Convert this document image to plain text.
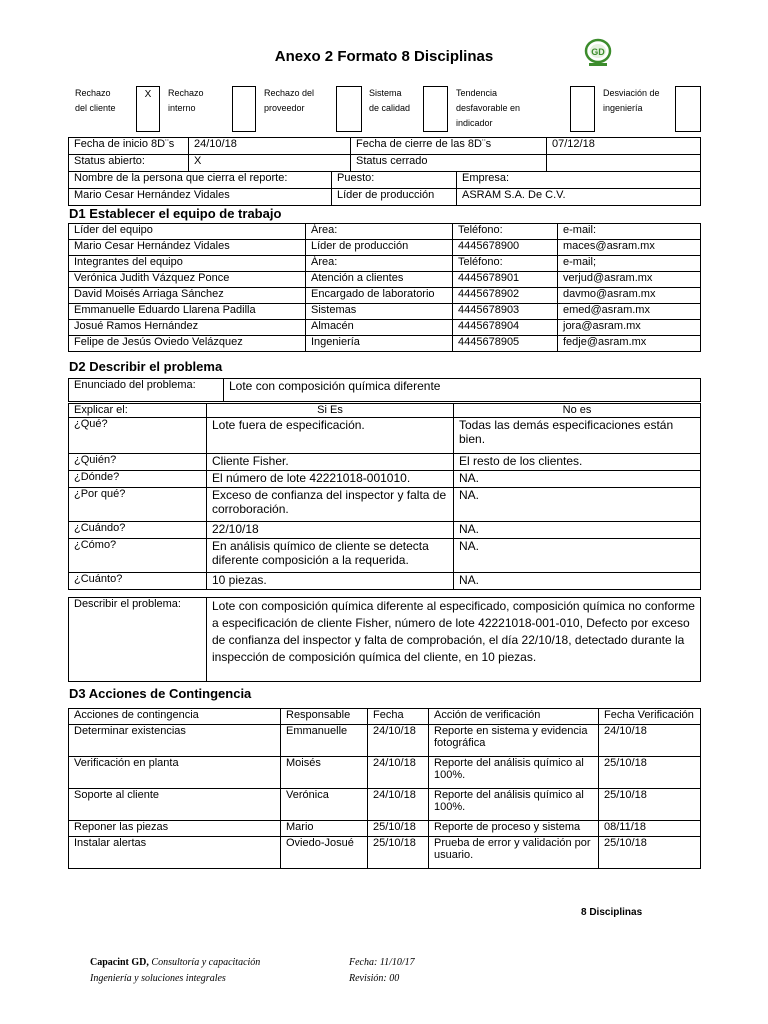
Anexo 2 Formato 8 Disciplinas	GD
Rechazo
del cliente
X	Rechazo
interno
Rechazo del
proveedor
Sistema
de calidad
Tendencia
desfavorable en
indicador
Desviación de
ingeniería
Fecha de inicio 8D¨s	24/10/18	Fecha de cierre de las 8D¨s	07/12/18
Status abierto:	X	Status cerrado	
Nombre de la persona que cierra el reporte:	Puesto:	Empresa:
Mario Cesar Hernández Vidales	Líder de producción	ASRAM S.A. De C.V.
D1 Establecer el equipo de trabajo
Líder del equipo	Área:	Teléfono:	e-mail:
Mario Cesar Hernández Vidales	Líder de producción	4445678900	maces@asram.mx
Integrantes del equipo	Área:	Teléfono:	e-mail;
Verónica Judith Vázquez Ponce	Atención a clientes	4445678901	verjud@asram.mx
David Moisés Arriaga Sánchez	Encargado de laboratorio	4445678902	davmo@asram.mx
Emmanuelle Eduardo Llarena Padilla	Sistemas	4445678903	emed@asram.mx
Josué Ramos Hernández	Almacén	4445678904	jora@asram.mx
Felipe de Jesús Oviedo Velázquez	Ingeniería	4445678905	fedje@asram.mx
D2 Describir el problema
Enunciado del problema:	Lote con composición química diferente
Explicar el:	Si Es	No es
¿Qué?	Lote fuera de especificación.	Todas las demás especificaciones están bien.
¿Quién?	Cliente Fisher.	El resto de los clientes.
¿Dónde?	El número de lote 42221018-001010.	NA.
¿Por qué?	Exceso de confianza del inspector y falta de corroboración.	NA.
¿Cuándo?	22/10/18	NA.
¿Cómo?	En análisis químico de cliente se detecta diferente composición a la requerida.	NA.
¿Cuánto?	10 piezas.	NA.
Describir el problema:	Lote con composición química diferente al especificado, composición química no conforme a especificación de cliente Fisher, número de lote 42221018-001-010, Defecto por exceso de confianza del inspector y falta de comprobación, el día 22/10/18, detectado durante la inspección de composición química del cliente, en 10 piezas.
D3 Acciones de Contingencia
Acciones de contingencia	Responsable	Fecha	Acción de verificación	Fecha Verificación
Determinar existencias	Emmanuelle	24/10/18	Reporte en sistema y evidencia fotográfica	24/10/18
Verificación en planta	Moisés	24/10/18	Reporte del análisis químico al 100%.	25/10/18
Soporte al cliente	Verónica	24/10/18	Reporte del análisis químico al 100%.	25/10/18
Reponer las piezas	Mario	25/10/18	Reporte de proceso y sistema	08/11/18
Instalar alertas	Oviedo-Josué	25/10/18	Prueba de error y validación por usuario.	25/10/18
8 Disciplinas
Capacint GD, Consultoría y capacitación
Ingeniería y soluciones integrales
Fecha: 11/10/17
Revisión: 00
